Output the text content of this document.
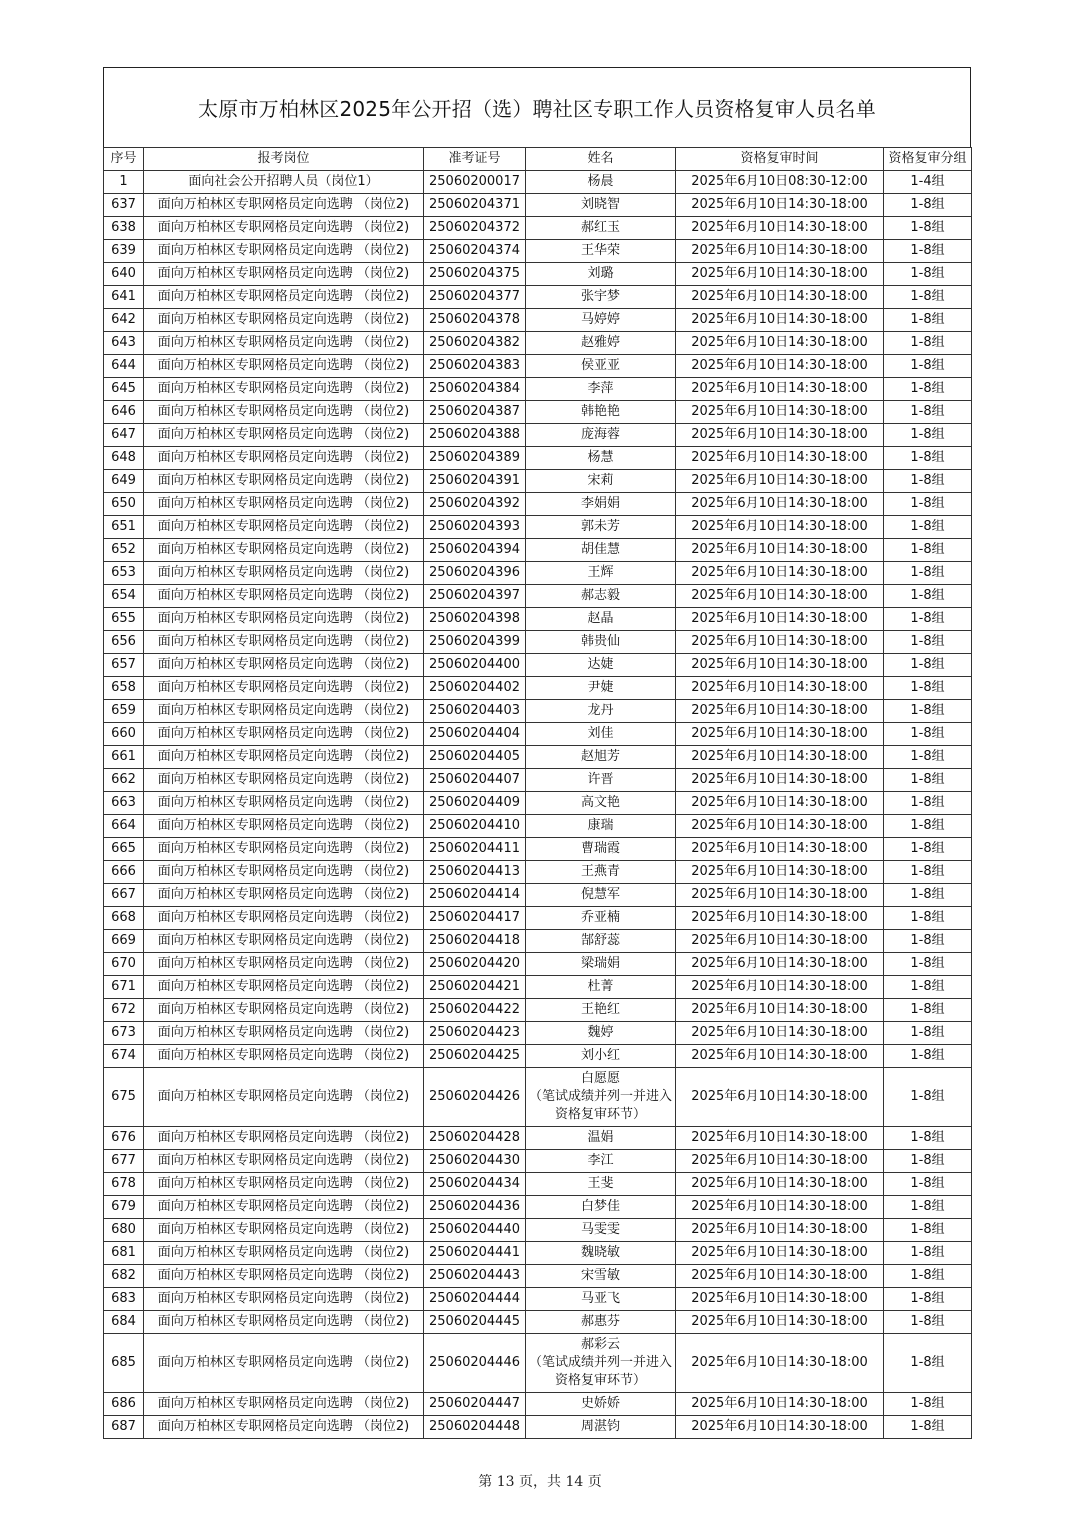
太原市万柏林区2025年公开招（选）聘社区专职工作人员资格复审人员名单
序号	报考岗位	准考证号	姓名	资格复审时间	资格复审分组
1	面向社会公开招聘人员（岗位1）	25060200017	杨晨	2025年6月10日08:30-12:00	1-4组
637	面向万柏林区专职网格员定向选聘 （岗位2)	25060204371	刘晓智	2025年6月10日14:30-18:00	1-8组
638	面向万柏林区专职网格员定向选聘 （岗位2)	25060204372	郝红玉	2025年6月10日14:30-18:00	1-8组
639	面向万柏林区专职网格员定向选聘 （岗位2)	25060204374	王华荣	2025年6月10日14:30-18:00	1-8组
640	面向万柏林区专职网格员定向选聘 （岗位2)	25060204375	刘璐	2025年6月10日14:30-18:00	1-8组
641	面向万柏林区专职网格员定向选聘 （岗位2)	25060204377	张宇梦	2025年6月10日14:30-18:00	1-8组
642	面向万柏林区专职网格员定向选聘 （岗位2)	25060204378	马婷婷	2025年6月10日14:30-18:00	1-8组
643	面向万柏林区专职网格员定向选聘 （岗位2)	25060204382	赵雅婷	2025年6月10日14:30-18:00	1-8组
644	面向万柏林区专职网格员定向选聘 （岗位2)	25060204383	侯亚亚	2025年6月10日14:30-18:00	1-8组
645	面向万柏林区专职网格员定向选聘 （岗位2)	25060204384	李萍	2025年6月10日14:30-18:00	1-8组
646	面向万柏林区专职网格员定向选聘 （岗位2)	25060204387	韩艳艳	2025年6月10日14:30-18:00	1-8组
647	面向万柏林区专职网格员定向选聘 （岗位2)	25060204388	庞海蓉	2025年6月10日14:30-18:00	1-8组
648	面向万柏林区专职网格员定向选聘 （岗位2)	25060204389	杨慧	2025年6月10日14:30-18:00	1-8组
649	面向万柏林区专职网格员定向选聘 （岗位2)	25060204391	宋莉	2025年6月10日14:30-18:00	1-8组
650	面向万柏林区专职网格员定向选聘 （岗位2)	25060204392	李娟娟	2025年6月10日14:30-18:00	1-8组
651	面向万柏林区专职网格员定向选聘 （岗位2)	25060204393	郭未芳	2025年6月10日14:30-18:00	1-8组
652	面向万柏林区专职网格员定向选聘 （岗位2)	25060204394	胡佳慧	2025年6月10日14:30-18:00	1-8组
653	面向万柏林区专职网格员定向选聘 （岗位2)	25060204396	王辉	2025年6月10日14:30-18:00	1-8组
654	面向万柏林区专职网格员定向选聘 （岗位2)	25060204397	郝志毅	2025年6月10日14:30-18:00	1-8组
655	面向万柏林区专职网格员定向选聘 （岗位2)	25060204398	赵晶	2025年6月10日14:30-18:00	1-8组
656	面向万柏林区专职网格员定向选聘 （岗位2)	25060204399	韩贵仙	2025年6月10日14:30-18:00	1-8组
657	面向万柏林区专职网格员定向选聘 （岗位2)	25060204400	达婕	2025年6月10日14:30-18:00	1-8组
658	面向万柏林区专职网格员定向选聘 （岗位2)	25060204402	尹婕	2025年6月10日14:30-18:00	1-8组
659	面向万柏林区专职网格员定向选聘 （岗位2)	25060204403	龙丹	2025年6月10日14:30-18:00	1-8组
660	面向万柏林区专职网格员定向选聘 （岗位2)	25060204404	刘佳	2025年6月10日14:30-18:00	1-8组
661	面向万柏林区专职网格员定向选聘 （岗位2)	25060204405	赵旭芳	2025年6月10日14:30-18:00	1-8组
662	面向万柏林区专职网格员定向选聘 （岗位2)	25060204407	许晋	2025年6月10日14:30-18:00	1-8组
663	面向万柏林区专职网格员定向选聘 （岗位2)	25060204409	高文艳	2025年6月10日14:30-18:00	1-8组
664	面向万柏林区专职网格员定向选聘 （岗位2)	25060204410	康瑞	2025年6月10日14:30-18:00	1-8组
665	面向万柏林区专职网格员定向选聘 （岗位2)	25060204411	曹瑞霞	2025年6月10日14:30-18:00	1-8组
666	面向万柏林区专职网格员定向选聘 （岗位2)	25060204413	王燕青	2025年6月10日14:30-18:00	1-8组
667	面向万柏林区专职网格员定向选聘 （岗位2)	25060204414	倪慧军	2025年6月10日14:30-18:00	1-8组
668	面向万柏林区专职网格员定向选聘 （岗位2)	25060204417	乔亚楠	2025年6月10日14:30-18:00	1-8组
669	面向万柏林区专职网格员定向选聘 （岗位2)	25060204418	郜舒蕊	2025年6月10日14:30-18:00	1-8组
670	面向万柏林区专职网格员定向选聘 （岗位2)	25060204420	梁瑞娟	2025年6月10日14:30-18:00	1-8组
671	面向万柏林区专职网格员定向选聘 （岗位2)	25060204421	杜菁	2025年6月10日14:30-18:00	1-8组
672	面向万柏林区专职网格员定向选聘 （岗位2)	25060204422	王艳红	2025年6月10日14:30-18:00	1-8组
673	面向万柏林区专职网格员定向选聘 （岗位2)	25060204423	魏婷	2025年6月10日14:30-18:00	1-8组
674	面向万柏林区专职网格员定向选聘 （岗位2)	25060204425	刘小红	2025年6月10日14:30-18:00	1-8组
675	面向万柏林区专职网格员定向选聘 （岗位2)	25060204426	白愿愿
（笔试成绩并列一并进入资格复审环节）	2025年6月10日14:30-18:00	1-8组
676	面向万柏林区专职网格员定向选聘 （岗位2)	25060204428	温娟	2025年6月10日14:30-18:00	1-8组
677	面向万柏林区专职网格员定向选聘 （岗位2)	25060204430	李江	2025年6月10日14:30-18:00	1-8组
678	面向万柏林区专职网格员定向选聘 （岗位2)	25060204434	王斐	2025年6月10日14:30-18:00	1-8组
679	面向万柏林区专职网格员定向选聘 （岗位2)	25060204436	白梦佳	2025年6月10日14:30-18:00	1-8组
680	面向万柏林区专职网格员定向选聘 （岗位2)	25060204440	马雯雯	2025年6月10日14:30-18:00	1-8组
681	面向万柏林区专职网格员定向选聘 （岗位2)	25060204441	魏晓敏	2025年6月10日14:30-18:00	1-8组
682	面向万柏林区专职网格员定向选聘 （岗位2)	25060204443	宋雪敏	2025年6月10日14:30-18:00	1-8组
683	面向万柏林区专职网格员定向选聘 （岗位2)	25060204444	马亚飞	2025年6月10日14:30-18:00	1-8组
684	面向万柏林区专职网格员定向选聘 （岗位2)	25060204445	郝惠芬	2025年6月10日14:30-18:00	1-8组
685	面向万柏林区专职网格员定向选聘 （岗位2)	25060204446	郝彩云
（笔试成绩并列一并进入资格复审环节）	2025年6月10日14:30-18:00	1-8组
686	面向万柏林区专职网格员定向选聘 （岗位2)	25060204447	史娇娇	2025年6月10日14:30-18:00	1-8组
687	面向万柏林区专职网格员定向选聘 （岗位2)	25060204448	周湛钧	2025年6月10日14:30-18:00	1-8组
第 13 页，共 14 页
